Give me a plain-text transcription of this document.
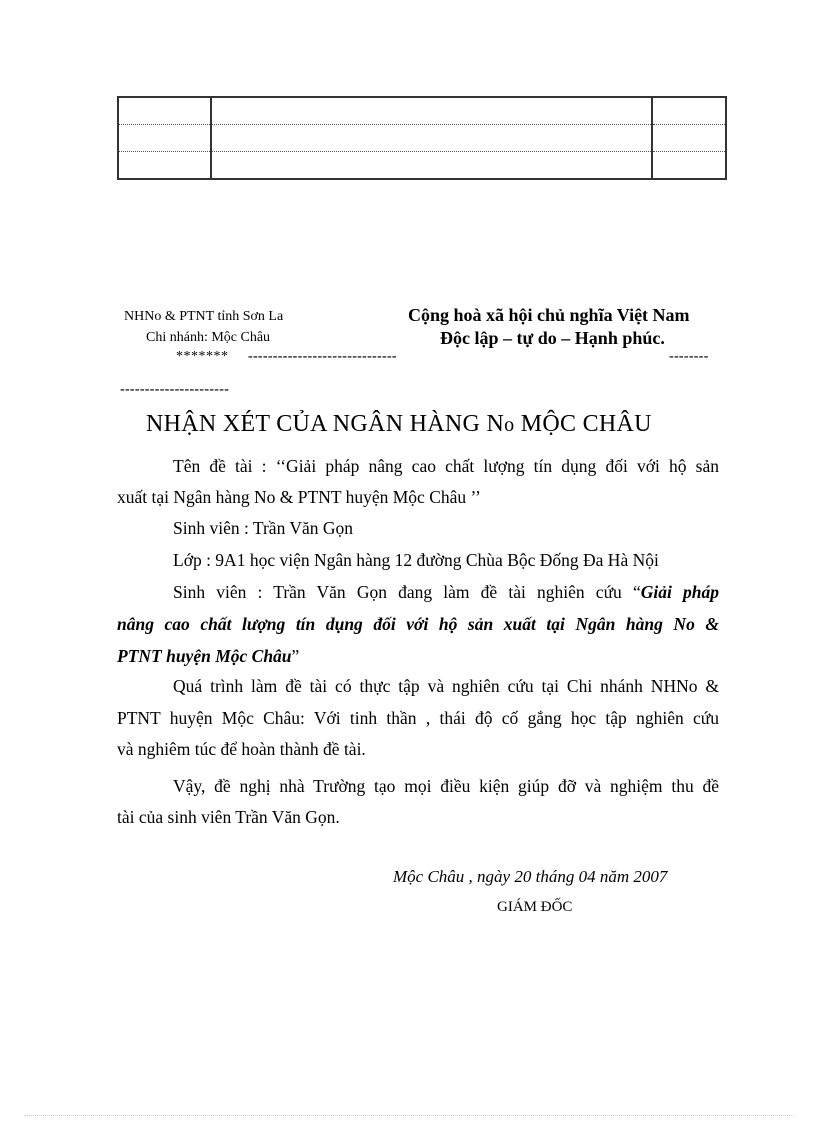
NHNo & PTNT tỉnh Sơn La
Chi nhánh: Mộc Châu
******* ------------------------------	--------
----------------------
Cộng hoà xã hội chủ nghĩa Việt Nam
Độc lập – tự do – Hạnh phúc.
NHẬN XÉT CỦA NGÂN HÀNG No MỘC CHÂU
Tên đề tài : ‘‘Giải pháp nâng cao chất lượng tín dụng đối với hộ sản
xuất tại Ngân hàng No & PTNT huyện Mộc Châu ’’
Sinh viên : Trần Văn Gọn
Lớp : 9A1 học viện Ngân hàng 12 đường Chùa Bộc Đống Đa Hà Nội
Sinh viên : Trần Văn Gọn đang làm đề tài nghiên cứu “Giải pháp
nâng cao chất lượng tín dụng đối với hộ sản xuất tại Ngân hàng No &
PTNT huyện Mộc Châu”
Quá trình làm đề tài có thực tập và nghiên cứu tại Chi nhánh NHNo &
PTNT huyện Mộc Châu: Với tinh thần , thái độ cố gắng học tập nghiên cứu
và nghiêm túc để hoàn thành đề tài.
Vậy, đề nghị nhà Trường tạo mọi điều kiện giúp đỡ và nghiệm thu đề
tài của sinh viên Trần Văn Gọn.
Mộc Châu , ngày 20 tháng 04 năm 2007
GIÁM ĐỐC
